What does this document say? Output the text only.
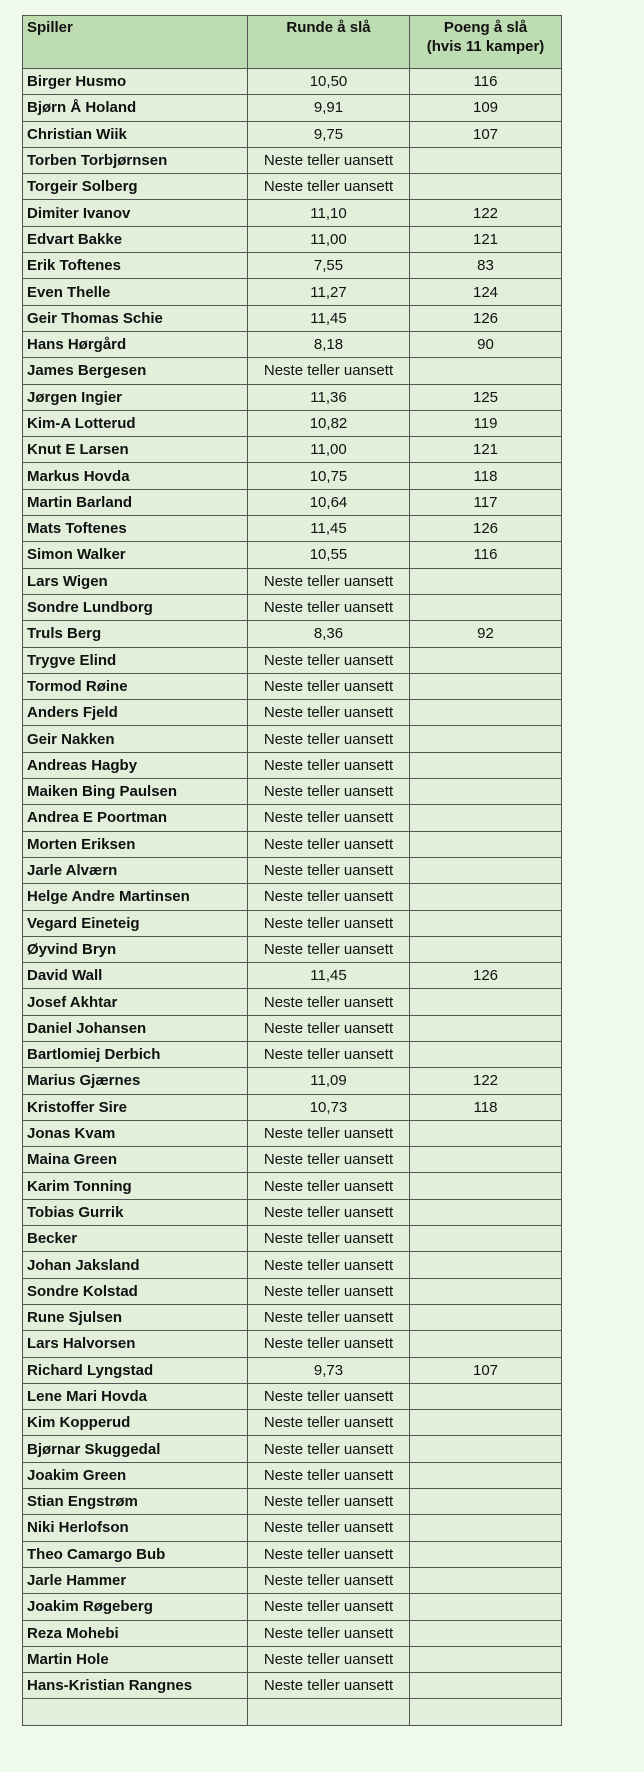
Spiller	Runde å slå	Poeng å slå
(hvis 11 kamper)
Birger Husmo	10,50	116
Bjørn Å Holand	9,91	109
Christian Wiik	9,75	107
Torben Torbjørnsen	Neste teller uansett	
Torgeir Solberg	Neste teller uansett	
Dimiter Ivanov	11,10	122
Edvart Bakke	11,00	121
Erik Toftenes	7,55	83
Even Thelle	11,27	124
Geir Thomas Schie	11,45	126
Hans Hørgård	8,18	90
James Bergesen	Neste teller uansett	
Jørgen Ingier	11,36	125
Kim-A Lotterud	10,82	119
Knut E Larsen	11,00	121
Markus Hovda	10,75	118
Martin Barland	10,64	117
Mats Toftenes	11,45	126
Simon Walker	10,55	116
Lars Wigen	Neste teller uansett	
Sondre Lundborg	Neste teller uansett	
Truls Berg	8,36	92
Trygve Elind	Neste teller uansett	
Tormod Røine	Neste teller uansett	
Anders Fjeld	Neste teller uansett	
Geir Nakken	Neste teller uansett	
Andreas Hagby	Neste teller uansett	
Maiken Bing Paulsen	Neste teller uansett	
Andrea E Poortman	Neste teller uansett	
Morten Eriksen	Neste teller uansett	
Jarle Alværn	Neste teller uansett	
Helge Andre Martinsen	Neste teller uansett	
Vegard Eineteig	Neste teller uansett	
Øyvind Bryn	Neste teller uansett	
David Wall	11,45	126
Josef Akhtar	Neste teller uansett	
Daniel Johansen	Neste teller uansett	
Bartlomiej Derbich	Neste teller uansett	
Marius Gjærnes	11,09	122
Kristoffer Sire	10,73	118
Jonas Kvam	Neste teller uansett	
Maina Green	Neste teller uansett	
Karim Tonning	Neste teller uansett	
Tobias Gurrik	Neste teller uansett	
Becker	Neste teller uansett	
Johan Jaksland	Neste teller uansett	
Sondre Kolstad	Neste teller uansett	
Rune Sjulsen	Neste teller uansett	
Lars Halvorsen	Neste teller uansett	
Richard Lyngstad	9,73	107
Lene Mari Hovda	Neste teller uansett	
Kim Kopperud	Neste teller uansett	
Bjørnar Skuggedal	Neste teller uansett	
Joakim Green	Neste teller uansett	
Stian Engstrøm	Neste teller uansett	
Niki Herlofson	Neste teller uansett	
Theo Camargo Bub	Neste teller uansett	
Jarle Hammer	Neste teller uansett	
Joakim Røgeberg	Neste teller uansett	
Reza Mohebi	Neste teller uansett	
Martin Hole	Neste teller uansett	
Hans-Kristian Rangnes	Neste teller uansett	
